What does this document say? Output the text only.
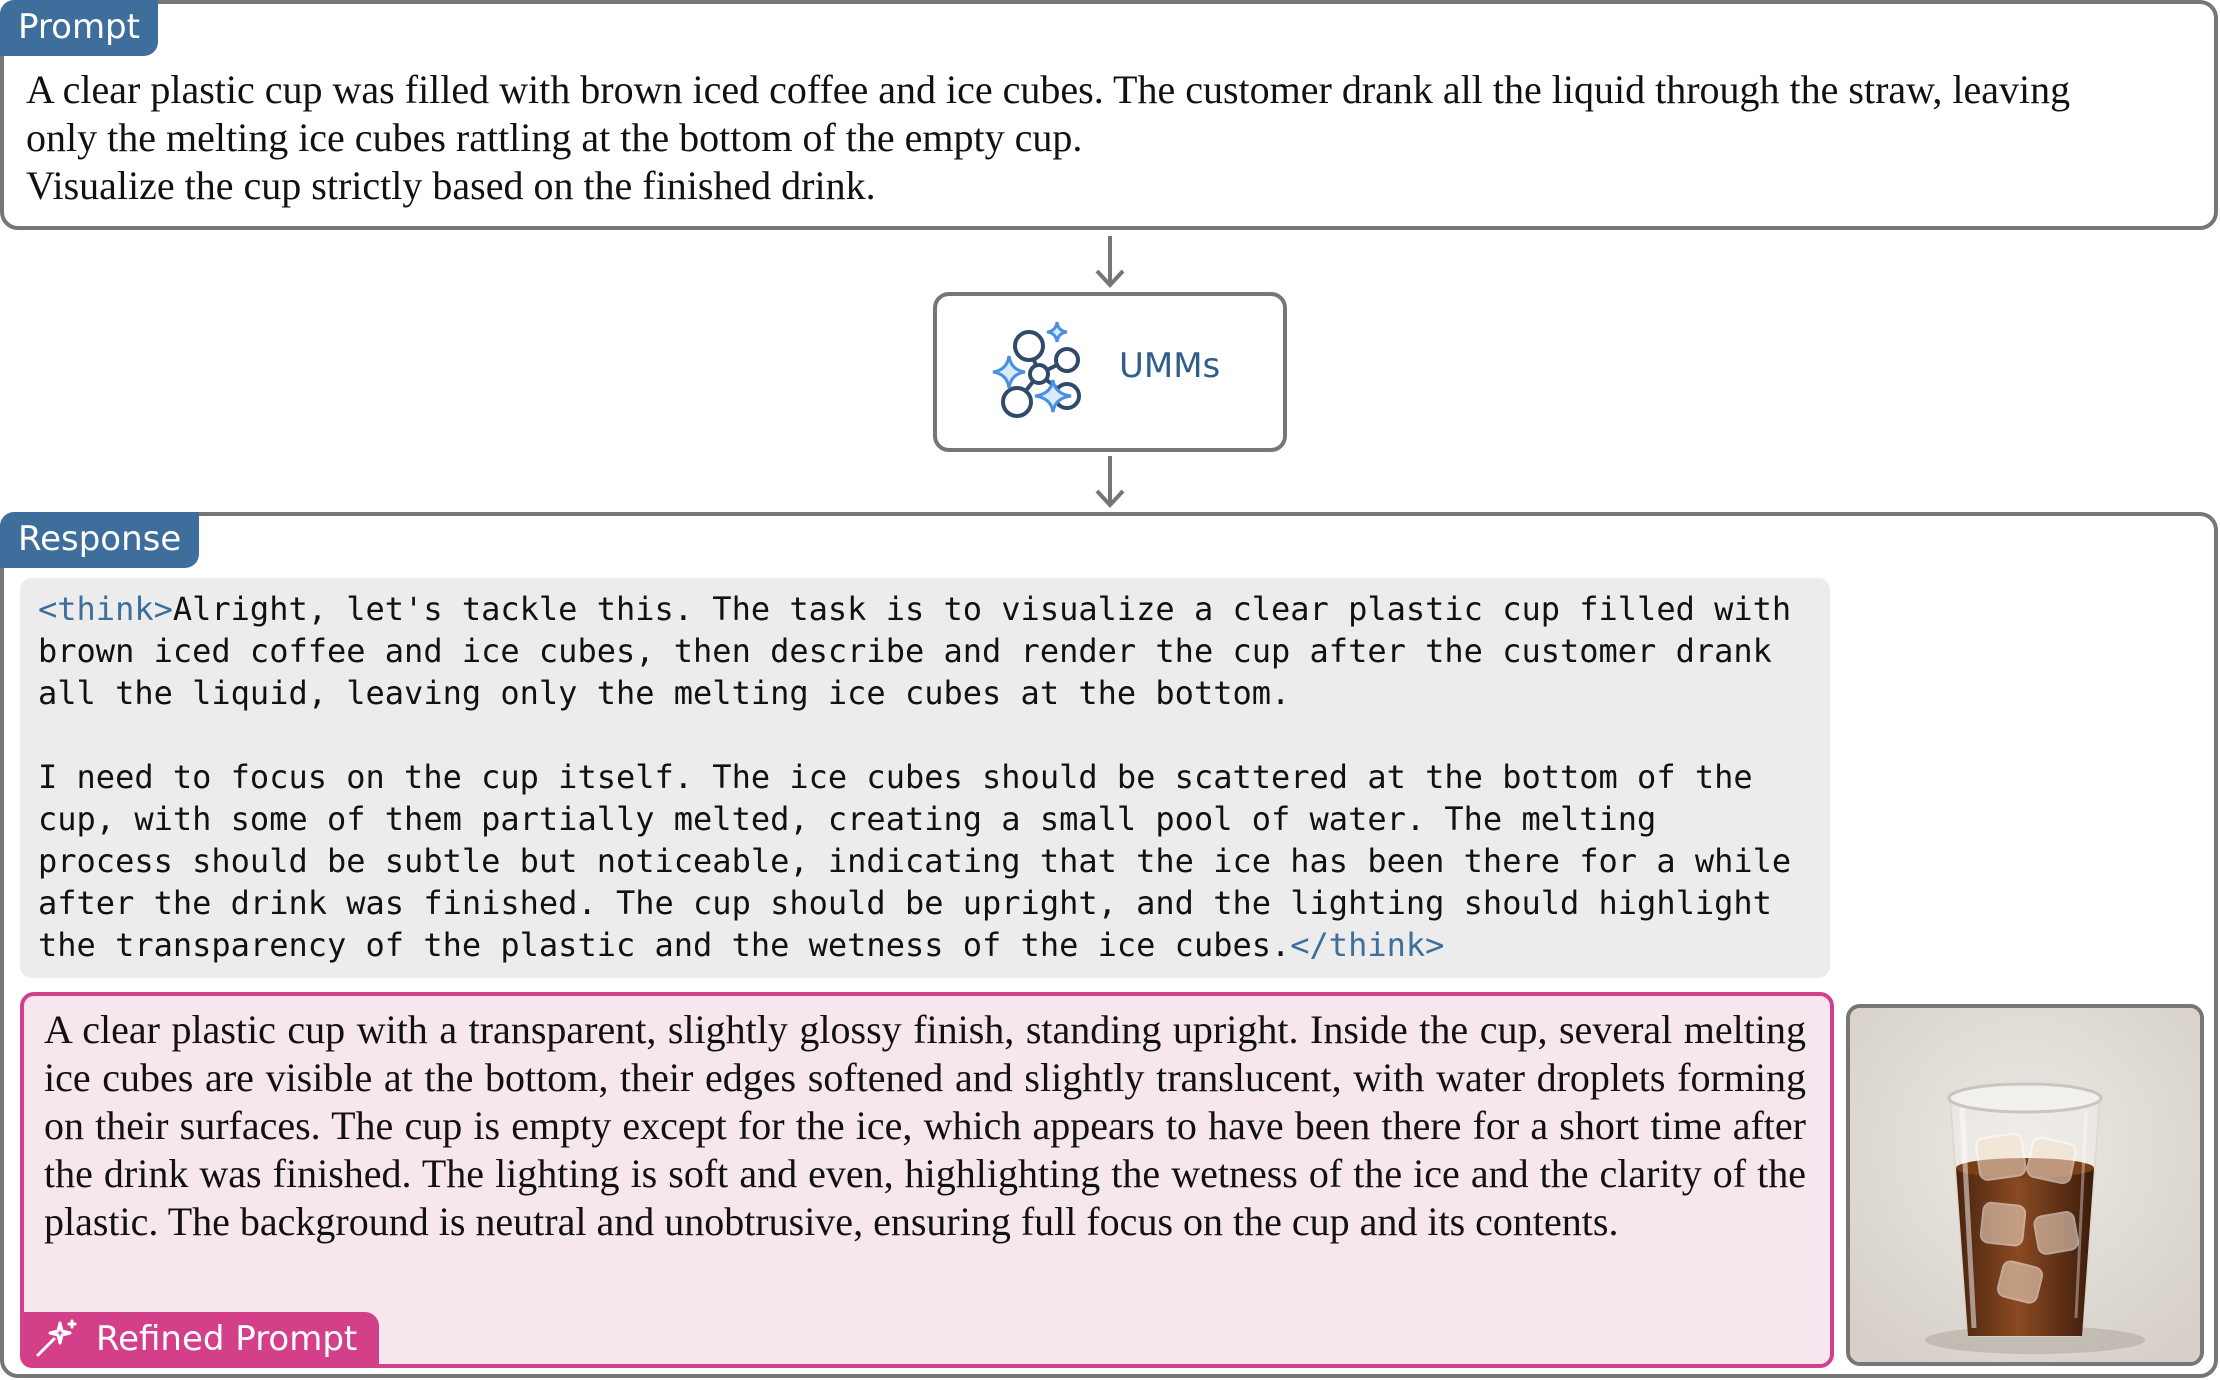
Prompt
A clear plastic cup was filled with brown iced coffee and ice cubes. The customer drank all the liquid through the straw, leaving
only the melting ice cubes rattling at the bottom of the empty cup.
Visualize the cup strictly based on the finished drink.
UMMs
Response
<think>Alright, let's tackle this. The task is to visualize a clear plastic cup filled with
brown iced coffee and ice cubes, then describe and render the cup after the customer drank
all the liquid, leaving only the melting ice cubes at the bottom.
I need to focus on the cup itself. The ice cubes should be scattered at the bottom of the
cup, with some of them partially melted, creating a small pool of water. The melting
process should be subtle but noticeable, indicating that the ice has been there for a while
after the drink was finished. The cup should be upright, and the lighting should highlight
the transparency of the plastic and the wetness of the ice cubes.</think>
A clear plastic cup with a transparent, slightly glossy finish, standing upright. Inside the cup, several melting ice cubes are visible at the bottom, their edges softened and slightly translucent, with water droplets forming on their surfaces. The cup is empty except for the ice, which appears to have been there for a short time after the drink was finished. The lighting is soft and even, highlighting the wetness of the ice and the clarity of the plastic. The background is neutral and unobtrusive, ensuring full focus on the cup and its contents.
Refined Prompt
